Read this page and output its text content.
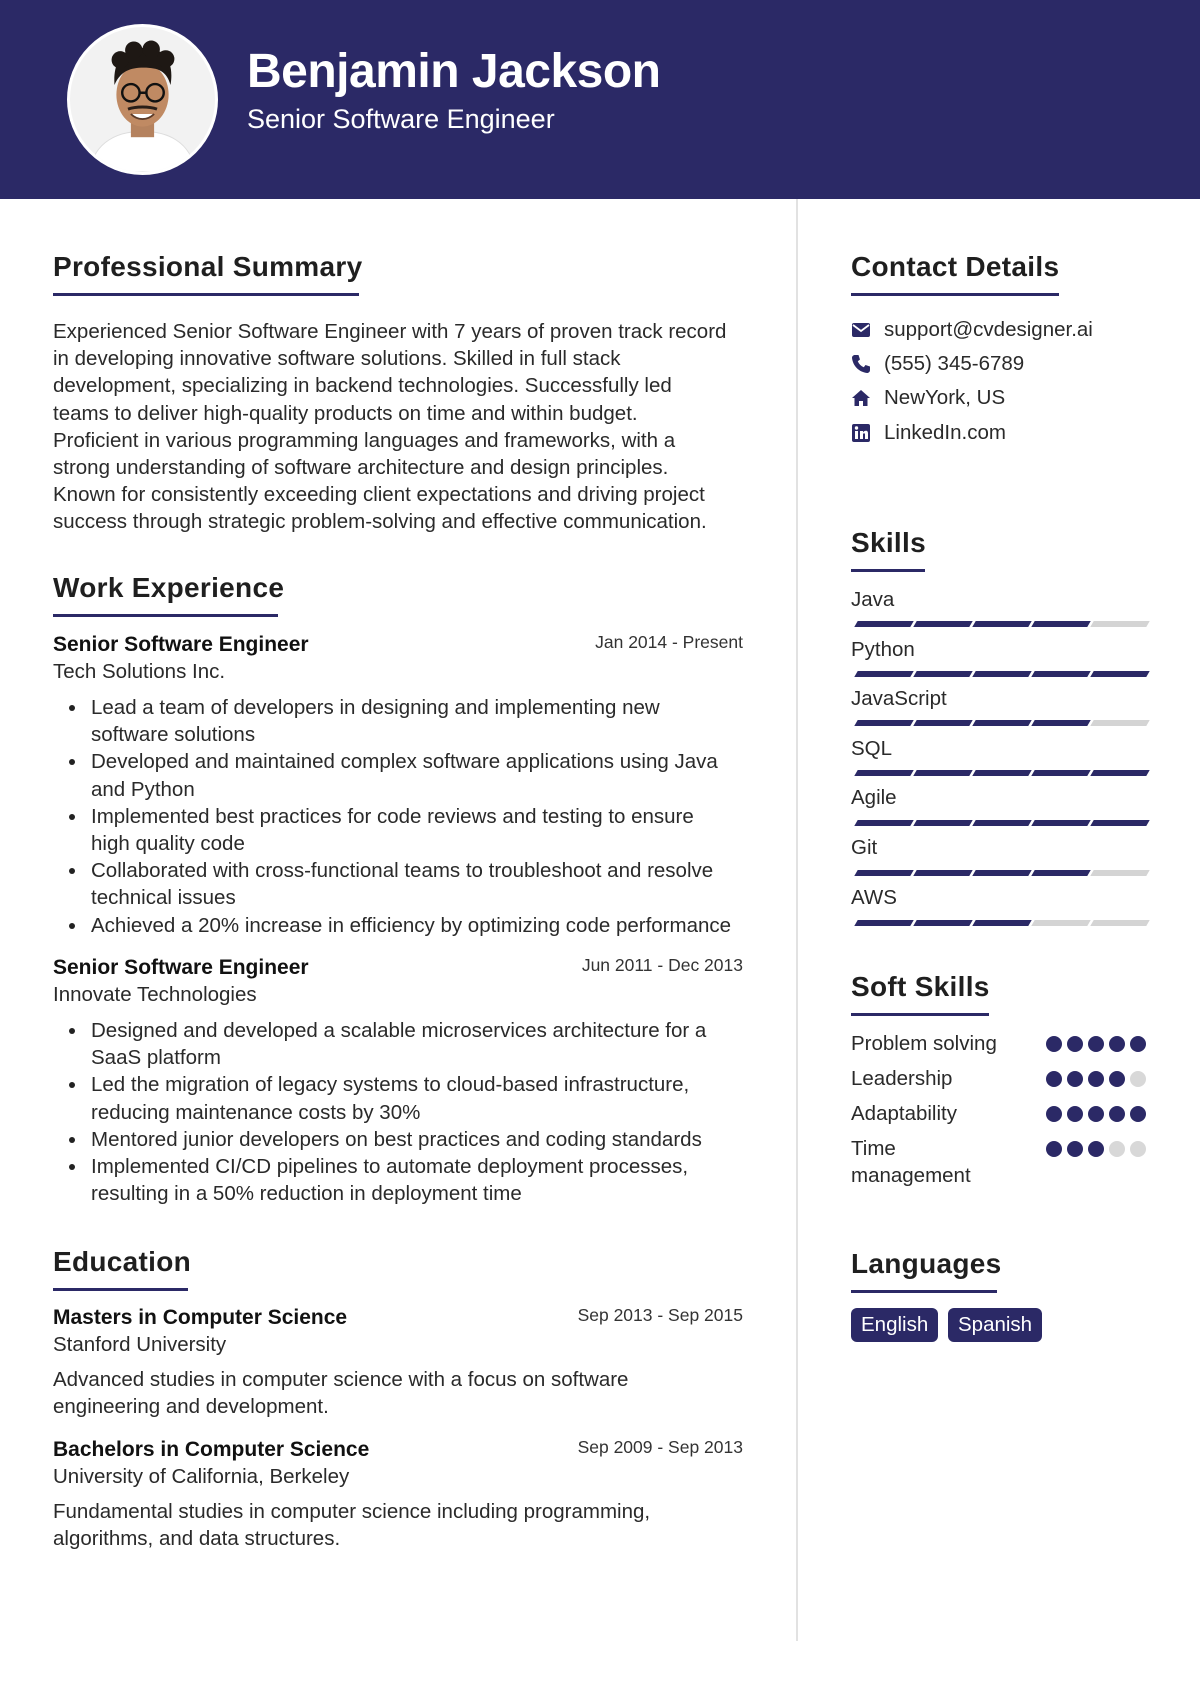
Benjamin Jackson
Senior Software Engineer
Professional Summary
Experienced Senior Software Engineer with 7 years of proven track record
in developing innovative software solutions. Skilled in full stack
development, specializing in backend technologies. Successfully led
teams to deliver high-quality products on time and within budget.
Proficient in various programming languages and frameworks, with a
strong understanding of software architecture and design principles.
Known for consistently exceeding client expectations and driving project
success through strategic problem-solving and effective communication.
Work Experience
Senior Software Engineer	Jan 2014 - Present
Tech Solutions Inc.
Lead a team of developers in designing and implementing new
software solutions
Developed and maintained complex software applications using Java
and Python
Implemented best practices for code reviews and testing to ensure
high quality code
Collaborated with cross-functional teams to troubleshoot and resolve
technical issues
Achieved a 20% increase in efficiency by optimizing code performance
Senior Software Engineer	Jun 2011 - Dec 2013
Innovate Technologies
Designed and developed a scalable microservices architecture for a
SaaS platform
Led the migration of legacy systems to cloud-based infrastructure,
reducing maintenance costs by 30%
Mentored junior developers on best practices and coding standards
Implemented CI/CD pipelines to automate deployment processes,
resulting in a 50% reduction in deployment time
Education
Masters in Computer Science	Sep 2013 - Sep 2015
Stanford University
Advanced studies in computer science with a focus on software
engineering and development.
Bachelors in Computer Science	Sep 2009 - Sep 2013
University of California, Berkeley
Fundamental studies in computer science including programming,
algorithms, and data structures.
Contact Details
support@cvdesigner.ai
(555) 345-6789
NewYork, US
LinkedIn.com
Skills
Java
Python
JavaScript
SQL
Agile
Git
AWS
Soft Skills
Problem solving
Leadership
Adaptability
Time management
Languages
English	Spanish
